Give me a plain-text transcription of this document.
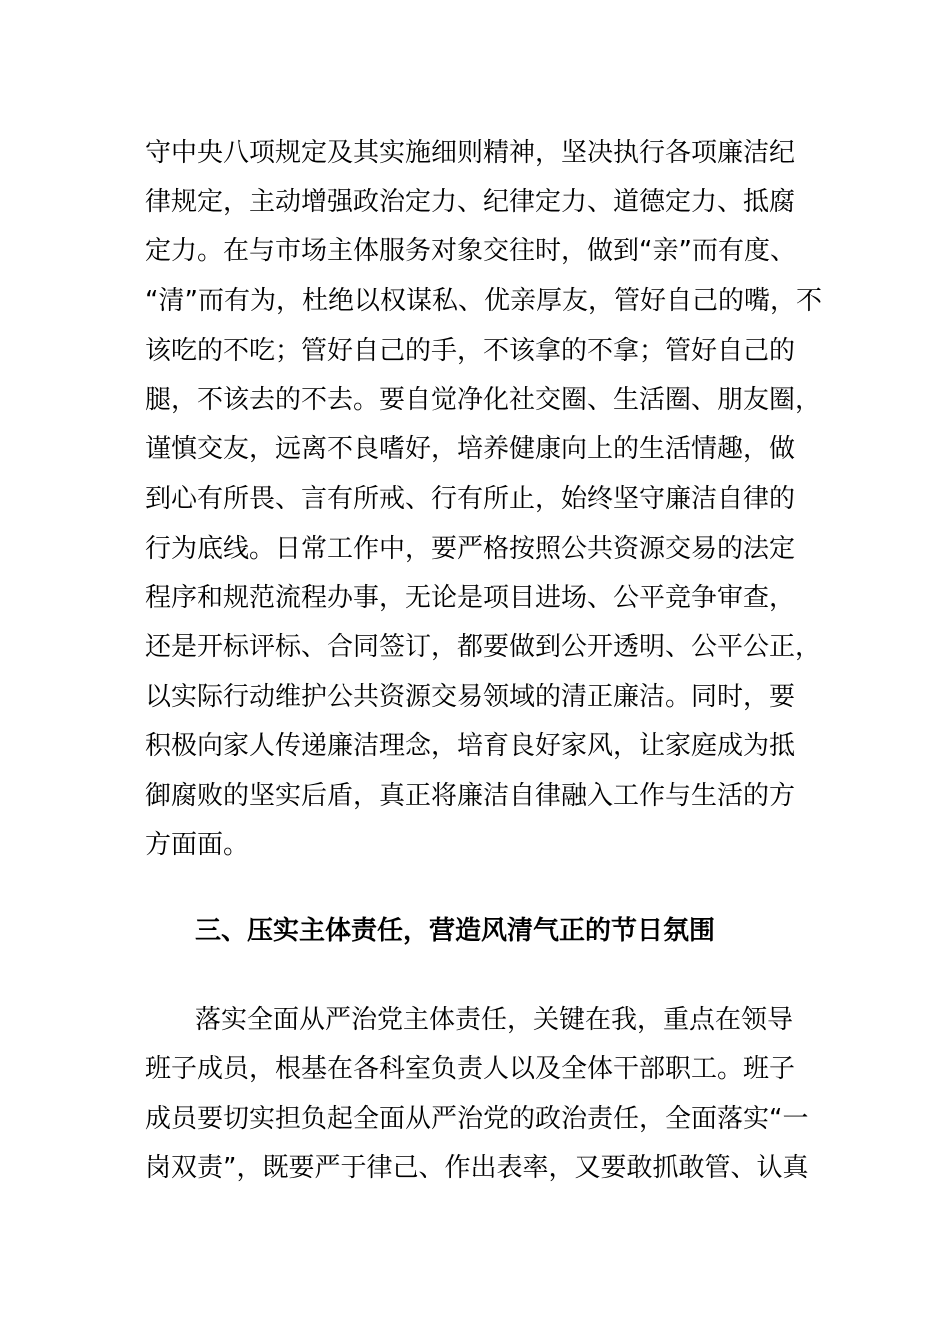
守中央八项规定及其实施细则精神，坚决执行各项廉洁纪
律规定，主动增强政治定力、纪律定力、道德定力、抵腐
定力。在与市场主体服务对象交往时，做到“亲”而有度、
“清”而有为，杜绝以权谋私、优亲厚友，管好自己的嘴，不
该吃的不吃；管好自己的手，不该拿的不拿；管好自己的
腿，不该去的不去。要自觉净化社交圈、生活圈、朋友圈，
谨慎交友，远离不良嗜好，培养健康向上的生活情趣，做
到心有所畏、言有所戒、行有所止，始终坚守廉洁自律的
行为底线。日常工作中，要严格按照公共资源交易的法定
程序和规范流程办事，无论是项目进场、公平竞争审查，
还是开标评标、合同签订，都要做到公开透明、公平公正，
以实际行动维护公共资源交易领域的清正廉洁。同时，要
积极向家人传递廉洁理念，培育良好家风，让家庭成为抵
御腐败的坚实后盾，真正将廉洁自律融入工作与生活的方
方面面。
三、压实主体责任，营造风清气正的节日氛围
落实全面从严治党主体责任，关键在我，重点在领导
班子成员，根基在各科室负责人以及全体干部职工。班子
成员要切实担负起全面从严治党的政治责任，全面落实“一
岗双责”，既要严于律己、作出表率，又要敢抓敢管、认真
